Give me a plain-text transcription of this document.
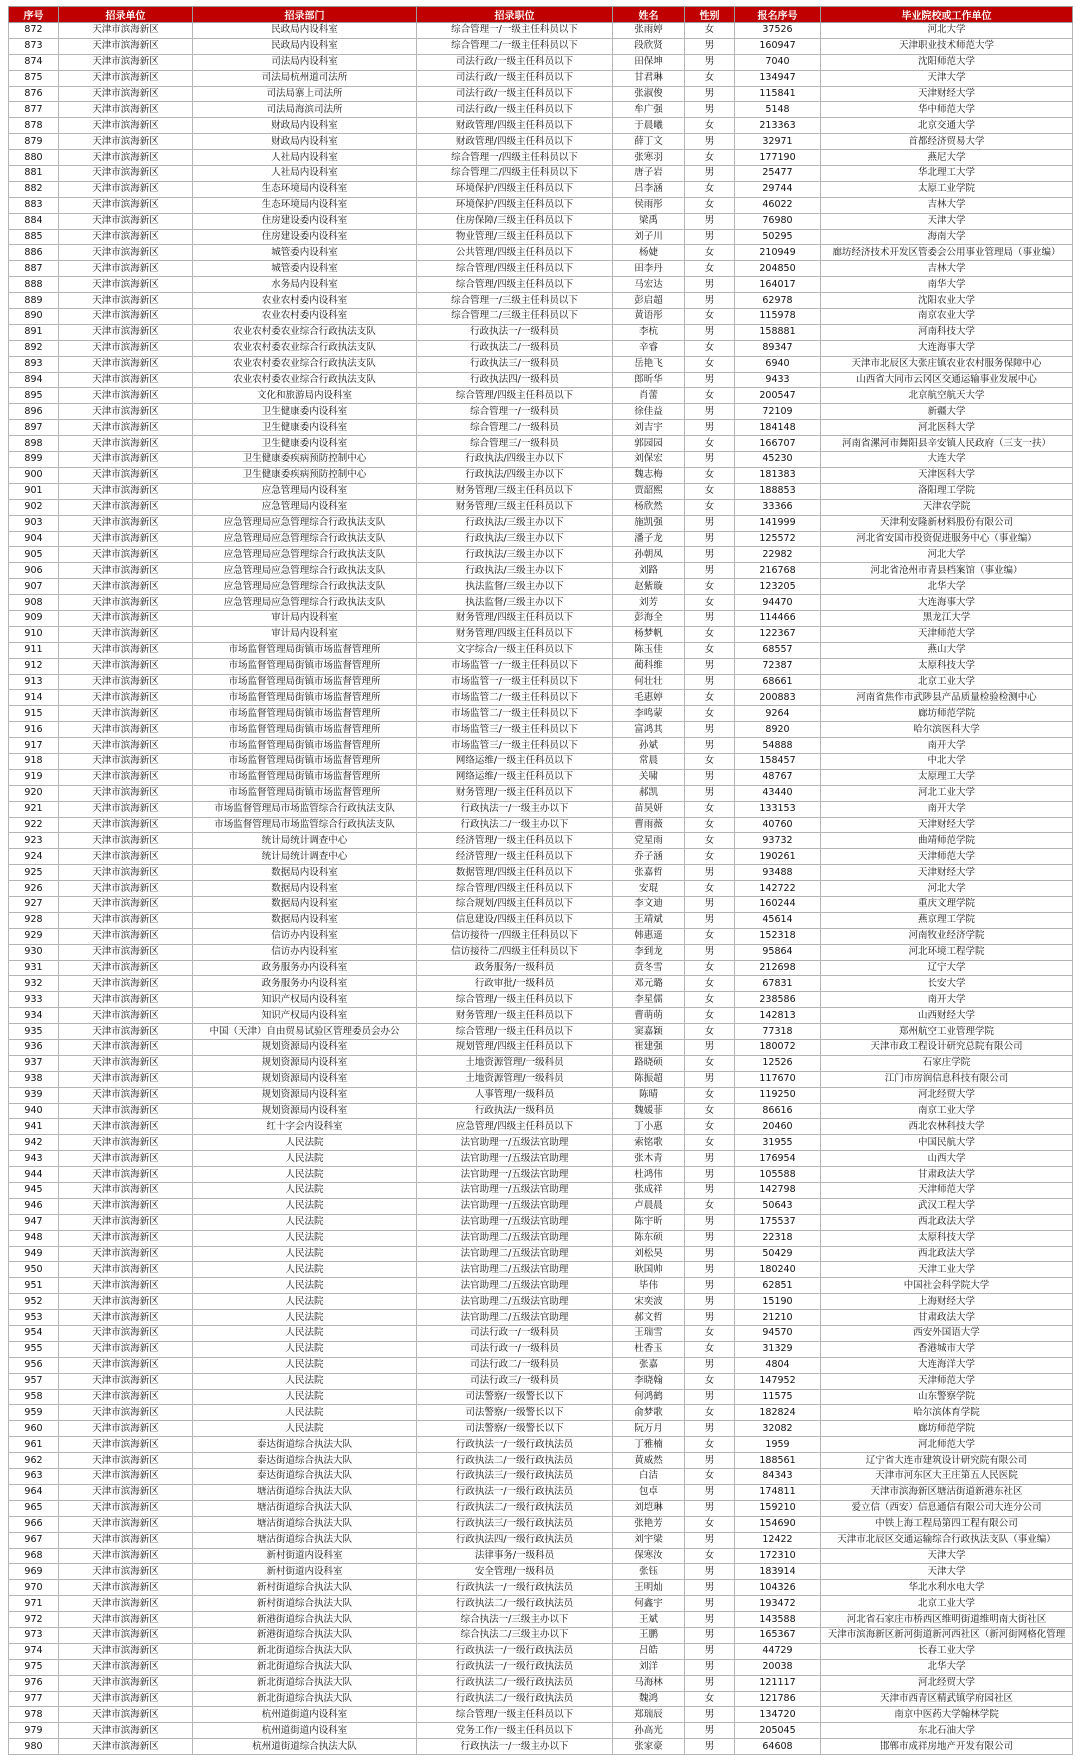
序号	招录单位	招录部门	招录职位	姓名	性别	报名序号	毕业院校或工作单位
872	天津市滨海新区	民政局内设科室	综合管理一/一级主任科员以下	张雨婷	女	37526	河北大学
873	天津市滨海新区	民政局内设科室	综合管理二/一级主任科员以下	段欣贤	男	160947	天津职业技术师范大学
874	天津市滨海新区	司法局内设科室	司法行政/一级主任科员以下	田保坤	男	7040	沈阳师范大学
875	天津市滨海新区	司法局杭州道司法所	司法行政/一级主任科员以下	甘君琳	女	134947	天津大学
876	天津市滨海新区	司法局寨上司法所	司法行政/一级主任科员以下	张淑俊	男	115841	天津财经大学
877	天津市滨海新区	司法局海滨司法所	司法行政/一级主任科员以下	牟广强	男	5148	华中师范大学
878	天津市滨海新区	财政局内设科室	财政管理/四级主任科员以下	于晨曦	女	213363	北京交通大学
879	天津市滨海新区	财政局内设科室	财政管理/四级主任科员以下	薛丁文	男	32971	首都经济贸易大学
880	天津市滨海新区	人社局内设科室	综合管理一/四级主任科员以下	张寒羽	女	177190	燕尼大学
881	天津市滨海新区	人社局内设科室	综合管理二/四级主任科员以下	唐子岩	男	25477	华北理工大学
882	天津市滨海新区	生态环境局内设科室	环境保护/四级主任科员以下	吕李涵	女	29744	太原工业学院
883	天津市滨海新区	生态环境局内设科室	环境保护/四级主任科员以下	侯雨彤	女	46022	吉林大学
884	天津市滨海新区	住房建设委内设科室	住房保障/三级主任科员以下	梁禹	男	76980	天津大学
885	天津市滨海新区	住房建设委内设科室	物业管理/三级主任科员以下	刘子川	男	50295	海南大学
886	天津市滨海新区	城管委内设科室	公共管理/四级主任科员以下	杨婕	女	210949	廊坊经济技术开发区管委会公用事业管理局（事业编）
887	天津市滨海新区	城管委内设科室	综合管理/四级主任科员以下	田李丹	女	204850	吉林大学
888	天津市滨海新区	水务局内设科室	综合管理/四级主任科员以下	马宏达	男	164017	南华大学
889	天津市滨海新区	农业农村委内设科室	综合管理一/三级主任科员以下	彭启超	男	62978	沈阳农业大学
890	天津市滨海新区	农业农村委内设科室	综合管理二/三级主任科员以下	黄语彤	女	115978	南京农业大学
891	天津市滨海新区	农业农村委农业综合行政执法支队	行政执法一/一级科员	李杭	男	158881	河南科技大学
892	天津市滨海新区	农业农村委农业综合行政执法支队	行政执法二/一级科员	辛睿	女	89347	大连海事大学
893	天津市滨海新区	农业农村委农业综合行政执法支队	行政执法三/一级科员	岳艳飞	女	6940	天津市北辰区大张庄镇农业农村服务保障中心
894	天津市滨海新区	农业农村委农业综合行政执法支队	行政执法四/一级科员	郎昕华	男	9433	山西省大同市云冈区交通运输事业发展中心
895	天津市滨海新区	文化和旅游局内设科室	综合管理/四级主任科员以下	肖蕾	女	200547	北京航空航天大学
896	天津市滨海新区	卫生健康委内设科室	综合管理一/一级科员	徐佳益	男	72109	新疆大学
897	天津市滨海新区	卫生健康委内设科室	综合管理二/一级科员	刘吉宇	男	184148	河北医科大学
898	天津市滨海新区	卫生健康委内设科室	综合管理三/一级科员	郭园园	女	166707	河南省漯河市舞阳县辛安镇人民政府（三支一扶）
899	天津市滨海新区	卫生健康委疾病预防控制中心	行政执法/四级主办以下	刘保宏	男	45230	大连大学
900	天津市滨海新区	卫生健康委疾病预防控制中心	行政执法/四级主办以下	魏志梅	女	181383	天津医科大学
901	天津市滨海新区	应急管理局内设科室	财务管理/三级主任科员以下	贾韶熙	女	188853	洛阳理工学院
902	天津市滨海新区	应急管理局内设科室	财务管理/三级主任科员以下	杨欣然	女	33366	天津农学院
903	天津市滨海新区	应急管理局应急管理综合行政执法支队	行政执法/三级主办以下	施凯强	男	141999	天津利安隆新材料股份有限公司
904	天津市滨海新区	应急管理局应急管理综合行政执法支队	行政执法/三级主办以下	潘子龙	男	125572	河北省安国市投资促进服务中心（事业编）
905	天津市滨海新区	应急管理局应急管理综合行政执法支队	行政执法/三级主办以下	孙朝凤	男	22982	河北大学
906	天津市滨海新区	应急管理局应急管理综合行政执法支队	行政执法/三级主办以下	刘路	男	216768	河北省沧州市青县档案馆（事业编）
907	天津市滨海新区	应急管理局应急管理综合行政执法支队	执法监督/三级主办以下	赵紫璇	女	123205	北华大学
908	天津市滨海新区	应急管理局应急管理综合行政执法支队	执法监督/三级主办以下	刘芳	女	94470	大连海事大学
909	天津市滨海新区	审计局内设科室	财务管理/四级主任科员以下	彭海全	男	114466	黑龙江大学
910	天津市滨海新区	审计局内设科室	财务管理/四级主任科员以下	杨梦帆	女	122367	天津师范大学
911	天津市滨海新区	市场监督管理局街镇市场监督管理所	文字综合/一级主任科员以下	陈玉佳	女	68557	燕山大学
912	天津市滨海新区	市场监督管理局街镇市场监督管理所	市场监管一/一级主任科员以下	蔺科维	男	72387	太原科技大学
913	天津市滨海新区	市场监督管理局街镇市场监督管理所	市场监管一/一级主任科员以下	何壮壮	男	68661	北京工业大学
914	天津市滨海新区	市场监督管理局街镇市场监督管理所	市场监管二/一级主任科员以下	毛惠婷	女	200883	河南省焦作市武陟县产品质量检验检测中心
915	天津市滨海新区	市场监督管理局街镇市场监督管理所	市场监管二/一级主任科员以下	李鸣蒙	女	9264	廊坊师范学院
916	天津市滨海新区	市场监督管理局街镇市场监督管理所	市场监管三/一级主任科员以下	富鸿其	男	8920	哈尔滨医科大学
917	天津市滨海新区	市场监督管理局街镇市场监督管理所	市场监管三/一级主任科员以下	孙斌	男	54888	南开大学
918	天津市滨海新区	市场监督管理局街镇市场监督管理所	网络运维/一级主任科员以下	常晨	女	158457	中北大学
919	天津市滨海新区	市场监督管理局街镇市场监督管理所	网络运维/一级主任科员以下	关啸	男	48767	太原理工大学
920	天津市滨海新区	市场监督管理局街镇市场监督管理所	财务管理/一级主任科员以下	郝凯	男	43440	河北工业大学
921	天津市滨海新区	市场监督管理局市场监管综合行政执法支队	行政执法一/一级主办以下	苗昊妍	女	133153	南开大学
922	天津市滨海新区	市场监督管理局市场监管综合行政执法支队	行政执法二/一级主办以下	曹雨薇	女	40760	天津财经大学
923	天津市滨海新区	统计局统计调查中心	经济管理/一级主任科员以下	党星雨	女	93732	曲靖师范学院
924	天津市滨海新区	统计局统计调查中心	经济管理/一级主任科员以下	乔子涵	女	190261	天津师范大学
925	天津市滨海新区	数据局内设科室	数据管理/四级主任科员以下	张嘉哲	男	93488	天津财经大学
926	天津市滨海新区	数据局内设科室	综合管理/四级主任科员以下	安琨	女	142722	河北大学
927	天津市滨海新区	数据局内设科室	综合规划/四级主任科员以下	李文迪	男	160244	重庆文理学院
928	天津市滨海新区	数据局内设科室	信息建设/四级主任科员以下	王靖斌	男	45614	燕京理工学院
929	天津市滨海新区	信访办内设科室	信访接待一/四级主任科员以下	韩惠遥	女	152318	河南牧业经济学院
930	天津市滨海新区	信访办内设科室	信访接待二/四级主任科员以下	李到龙	男	95864	河北环境工程学院
931	天津市滨海新区	政务服务办内设科室	政务服务/一级科员	贲冬雪	女	212698	辽宁大学
932	天津市滨海新区	政务服务办内设科室	行政审批/一级科员	邓元璐	女	67831	长安大学
933	天津市滨海新区	知识产权局内设科室	综合管理/一级主任科员以下	李星儒	女	238586	南开大学
934	天津市滨海新区	知识产权局内设科室	财务管理/一级主任科员以下	曹萌萌	女	142813	山西财经大学
935	天津市滨海新区	中国（天津）自由贸易试验区管理委员会办公	综合管理/一级主任科员以下	窦嘉颖	女	77318	郑州航空工业管理学院
936	天津市滨海新区	规划资源局内设科室	规划管理/四级主任科员以下	崔建强	男	180072	天津市政工程设计研究总院有限公司
937	天津市滨海新区	规划资源局内设科室	土地资源管理/一级科员	路晓硕	女	12526	石家庄学院
938	天津市滨海新区	规划资源局内设科室	土地资源管理/一级科员	陈振超	男	117670	江门市房润信息科技有限公司
939	天津市滨海新区	规划资源局内设科室	人事管理/一级科员	陈晴	女	119250	河北经贸大学
940	天津市滨海新区	规划资源局内设科室	行政执法/一级科员	魏媛菲	女	86616	南京工业大学
941	天津市滨海新区	红十字会内设科室	应急管理/四级主任科员以下	丁小惠	女	20460	西北农林科技大学
942	天津市滨海新区	人民法院	法官助理一/五级法官助理	索铭歌	女	31955	中国民航大学
943	天津市滨海新区	人民法院	法官助理一/五级法官助理	张木青	男	176954	山西大学
944	天津市滨海新区	人民法院	法官助理一/五级法官助理	杜鸿伟	男	105588	甘肃政法大学
945	天津市滨海新区	人民法院	法官助理一/五级法官助理	张成祥	男	142798	天津师范大学
946	天津市滨海新区	人民法院	法官助理一/五级法官助理	卢晨晨	女	50643	武汉工程大学
947	天津市滨海新区	人民法院	法官助理一/五级法官助理	陈宇昕	男	175537	西北政法大学
948	天津市滨海新区	人民法院	法官助理二/五级法官助理	陈东硕	男	22318	太原科技大学
949	天津市滨海新区	人民法院	法官助理二/五级法官助理	刘松昊	男	50429	西北政法大学
950	天津市滨海新区	人民法院	法官助理二/五级法官助理	耿国帅	男	180240	天津工业大学
951	天津市滨海新区	人民法院	法官助理二/五级法官助理	毕伟	男	62851	中国社会科学院大学
952	天津市滨海新区	人民法院	法官助理二/五级法官助理	宋奕波	男	15190	上海财经大学
953	天津市滨海新区	人民法院	法官助理二/五级法官助理	郝文哲	男	21210	甘肃政法大学
954	天津市滨海新区	人民法院	司法行政一/一级科员	王瑞雪	女	94570	西安外国语大学
955	天津市滨海新区	人民法院	司法行政一/一级科员	杜香玉	女	31329	香港城市大学
956	天津市滨海新区	人民法院	司法行政二/一级科员	张嘉	男	4804	大连海洋大学
957	天津市滨海新区	人民法院	司法行政三/一级科员	李晓翰	女	147952	天津师范大学
958	天津市滨海新区	人民法院	司法警察/一级警长以下	何鸿鹤	男	11575	山东警察学院
959	天津市滨海新区	人民法院	司法警察/一级警长以下	俞梦歌	女	182824	哈尔滨体育学院
960	天津市滨海新区	人民法院	司法警察/一级警长以下	阮万月	男	32082	廊坊师范学院
961	天津市滨海新区	泰达街道综合执法大队	行政执法一/一级行政执法员	丁雅楠	女	1959	河北师范大学
962	天津市滨海新区	泰达街道综合执法大队	行政执法二/一级行政执法员	黄威然	男	188561	辽宁省大连市建筑设计研究院有限公司
963	天津市滨海新区	泰达街道综合执法大队	行政执法三/一级行政执法员	白洁	女	84343	天津市河东区大王庄第五人民医院
964	天津市滨海新区	塘沽街道综合执法大队	行政执法一/一级行政执法员	包卓	男	174811	天津市滨海新区塘沽街道新港东社区
965	天津市滨海新区	塘沽街道综合执法大队	行政执法二/一级行政执法员	刘垲琳	男	159210	爱立信（西安）信息通信有限公司大连分公司
966	天津市滨海新区	塘沽街道综合执法大队	行政执法三/一级行政执法员	张艳芳	女	154690	中铁上海工程局第四工程有限公司
967	天津市滨海新区	塘沽街道综合执法大队	行政执法四/一级行政执法员	刘宇梁	男	12422	天津市北辰区交通运输综合行政执法支队（事业编）
968	天津市滨海新区	新村街道内设科室	法律事务/一级科员	保寒汝	女	172310	天津大学
969	天津市滨海新区	新村街道内设科室	安全管理/一级科员	张钰	男	183914	天津大学
970	天津市滨海新区	新村街道综合执法大队	行政执法一/一级行政执法员	王明灿	男	104326	华北水利水电大学
971	天津市滨海新区	新村街道综合执法大队	行政执法二/一级行政执法员	何鑫宇	男	193472	北京工业大学
972	天津市滨海新区	新港街道综合执法大队	综合执法一/三级主办以下	王斌	男	143588	河北省石家庄市桥西区维明街道维明南大街社区
973	天津市滨海新区	新港街道综合执法大队	综合执法二/三级主办以下	王鹏	男	165367	天津市滨海新区新河街道新河西社区（新河街网格化管理
974	天津市滨海新区	新北街道综合执法大队	行政执法一/一级行政执法员	吕皓	男	44729	长春工业大学
975	天津市滨海新区	新北街道综合执法大队	行政执法一/一级行政执法员	刘洋	男	20038	北华大学
976	天津市滨海新区	新北街道综合执法大队	行政执法二/一级行政执法员	马海林	男	121117	河北经贸大学
977	天津市滨海新区	新北街道综合执法大队	行政执法二/一级行政执法员	魏鸿	女	121786	天津市西青区精武镇学府园社区
978	天津市滨海新区	杭州道街道内设科室	综合管理/一级主任科员以下	郑瑞辰	男	134720	南京中医药大学翰林学院
979	天津市滨海新区	杭州道街道内设科室	党务工作/一级主任科员以下	孙高光	男	205045	东北石油大学
980	天津市滨海新区	杭州道街道综合执法大队	行政执法一/一级主办以下	张家豪	男	64608	邯郸市成祥房地产开发有限公司
